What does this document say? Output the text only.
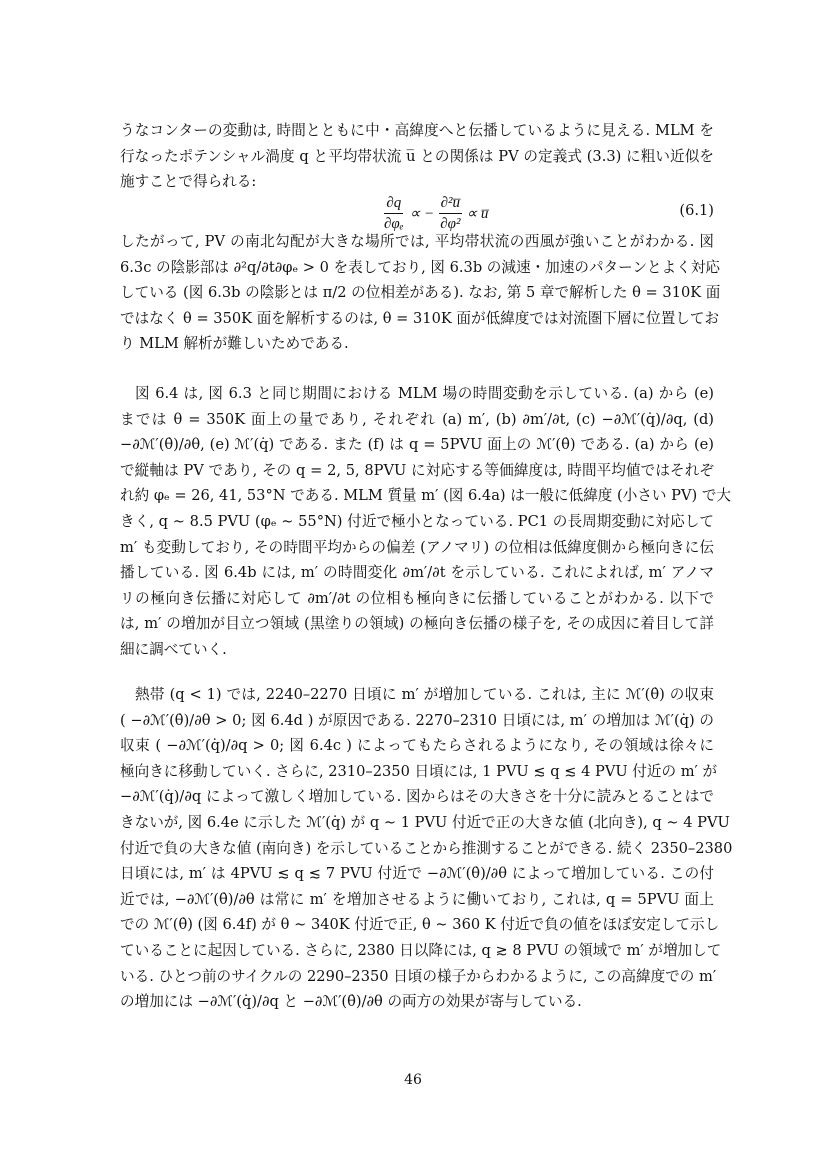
うなコンターの変動は, 時間とともに中・高緯度へと伝播しているように見える. MLM を
行なったポテンシャル渦度 q と平均帯状流 u̅ との関係は PV の定義式 (3.3) に粗い近似を
施すことで得られる:
$\frac{\partial q}{\text{∂φₑ}}$ ∝ − $\frac{\text{∂²u̅}}{\text{∂φ²}}$ ∝ u̅	(6.1)
したがって, PV の南北勾配が大きな場所では, 平均帯状流の西風が強いことがわかる. 図
6.3c の陰影部は ∂²q/∂t∂φₑ > 0 を表しており, 図 6.3b の減速・加速のパターンとよく対応
している (図 6.3b の陰影とは π/2 の位相差がある). なお, 第 5 章で解析した θ = 310K 面
ではなく θ = 350K 面を解析するのは, θ = 310K 面が低緯度では対流圏下層に位置してお
り MLM 解析が難しいためである.
図 6.4 は, 図 6.3 と同じ期間における MLM 場の時間変動を示している. (a) から (e)
までは θ = 350K 面上の量であり, それぞれ (a) m′, (b) ∂m′/∂t, (c) −∂ℳ′(q̇)/∂q, (d)
−∂ℳ′(θ̇)/∂θ, (e) ℳ′(q̇) である. また (f) は q = 5PVU 面上の ℳ′(θ̇) である. (a) から (e)
で縦軸は PV であり, その q = 2, 5, 8PVU に対応する等価緯度は, 時間平均値ではそれぞ
れ約 φₑ = 26, 41, 53°N である. MLM 質量 m′ (図 6.4a) は一般に低緯度 (小さい PV) で大
きく, q ∼ 8.5 PVU (φₑ ∼ 55°N) 付近で極小となっている. PC1 の長周期変動に対応して
m′ も変動しており, その時間平均からの偏差 (アノマリ) の位相は低緯度側から極向きに伝
播している. 図 6.4b には, m′ の時間変化 ∂m′/∂t を示している. これによれば, m′ アノマ
リの極向き伝播に対応して ∂m′/∂t の位相も極向きに伝播していることがわかる. 以下で
は, m′ の増加が目立つ領域 (黒塗りの領域) の極向き伝播の様子を, その成因に着目して詳
細に調べていく.
熱帯 (q < 1) では, 2240–2270 日頃に m′ が増加している. これは, 主に ℳ′(θ̇) の収束
( −∂ℳ′(θ̇)/∂θ > 0; 図 6.4d ) が原因である. 2270–2310 日頃には, m′ の増加は ℳ′(q̇) の
収束 ( −∂ℳ′(q̇)/∂q > 0; 図 6.4c ) によってもたらされるようになり, その領域は徐々に
極向きに移動していく. さらに, 2310–2350 日頃には, 1 PVU ≲ q ≲ 4 PVU 付近の m′ が
−∂ℳ′(q̇)/∂q によって激しく増加している. 図からはその大きさを十分に読みとることはで
きないが, 図 6.4e に示した ℳ′(q̇) が q ∼ 1 PVU 付近で正の大きな値 (北向き), q ∼ 4 PVU
付近で負の大きな値 (南向き) を示していることから推測することができる. 続く 2350–2380
日頃には, m′ は 4PVU ≲ q ≲ 7 PVU 付近で −∂ℳ′(θ̇)/∂θ によって増加している. この付
近では, −∂ℳ′(θ̇)/∂θ は常に m′ を増加させるように働いており, これは, q = 5PVU 面上
での ℳ′(θ̇) (図 6.4f) が θ ∼ 340K 付近で正, θ ∼ 360 K 付近で負の値をほぼ安定して示し
ていることに起因している. さらに, 2380 日以降には, q ≳ 8 PVU の領域で m′ が増加して
いる. ひとつ前のサイクルの 2290–2350 日頃の様子からわかるように, この高緯度での m′
の増加には −∂ℳ′(q̇)/∂q と −∂ℳ′(θ̇)/∂θ の両方の効果が寄与している.
46
